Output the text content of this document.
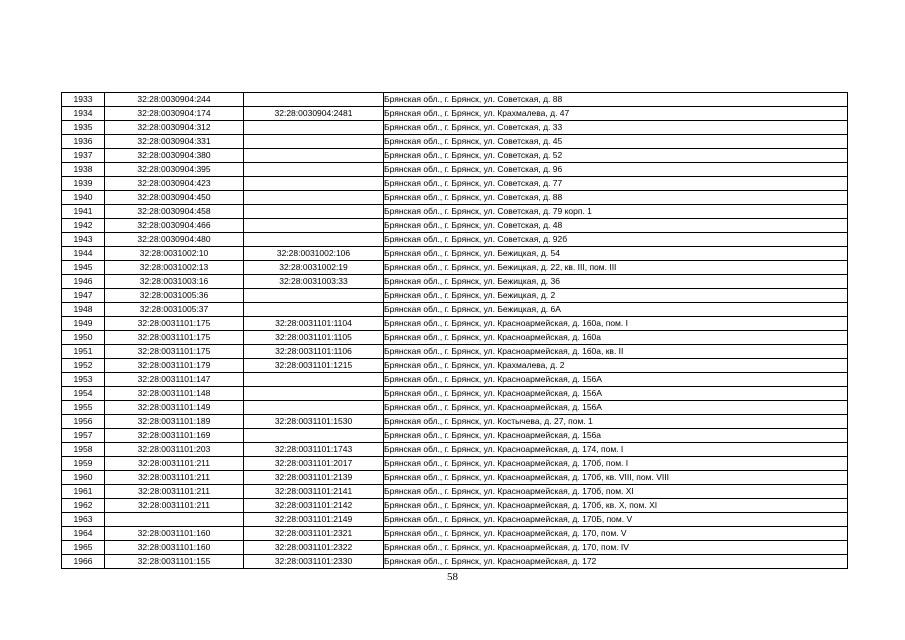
1933	32:28:0030904:244		Брянская обл., г. Брянск, ул. Советская, д. 88
1934	32:28:0030904:174	32:28:0030904:2481	Брянская обл., г. Брянск, ул. Крахмалева, д. 47
1935	32:28:0030904:312		Брянская обл., г. Брянск, ул. Советская, д. 33
1936	32:28:0030904:331		Брянская обл., г. Брянск, ул. Советская, д. 45
1937	32:28:0030904:380		Брянская обл., г. Брянск, ул. Советская, д. 52
1938	32:28:0030904:395		Брянская обл., г. Брянск, ул. Советская, д. 96
1939	32:28:0030904:423		Брянская обл., г. Брянск, ул. Советская, д. 77
1940	32:28:0030904:450		Брянская обл., г. Брянск, ул. Советская, д. 88
1941	32:28:0030904:458		Брянская обл., г. Брянск, ул. Советская, д. 79 корп. 1
1942	32:28:0030904:466		Брянская обл., г. Брянск, ул. Советская, д. 48
1943	32:28:0030904:480		Брянская обл., г. Брянск, ул. Советская, д. 92б
1944	32:28:0031002:10	32:28:0031002:106	Брянская обл., г. Брянск, ул. Бежицкая, д. 54
1945	32:28:0031002:13	32:28:0031002:19	Брянская обл., г. Брянск, ул. Бежицкая, д. 22, кв. III, пом. III
1946	32:28:0031003:16	32:28:0031003:33	Брянская обл., г. Брянск, ул. Бежицкая, д. 36
1947	32:28:0031005:36		Брянская обл., г. Брянск, ул. Бежицкая, д. 2
1948	32:28:0031005:37		Брянская обл., г. Брянск, ул. Бежицкая, д. 6А
1949	32:28:0031101:175	32:28:0031101:1104	Брянская обл., г. Брянск, ул. Красноармейская, д. 160а, пом. I
1950	32:28:0031101:175	32:28:0031101:1105	Брянская обл., г. Брянск, ул. Красноармейская, д. 160а
1951	32:28:0031101:175	32:28:0031101:1106	Брянская обл., г. Брянск, ул. Красноармейская, д. 160а, кв. II
1952	32:28:0031101:179	32:28:0031101:1215	Брянская обл., г. Брянск, ул. Крахмалева, д. 2
1953	32:28:0031101:147		Брянская обл., г. Брянск, ул. Красноармейская, д. 156А
1954	32:28:0031101:148		Брянская обл., г. Брянск, ул. Красноармейская, д. 156А
1955	32:28:0031101:149		Брянская обл., г. Брянск, ул. Красноармейская, д. 156А
1956	32:28:0031101:189	32:28:0031101:1530	Брянская обл., г. Брянск, ул. Костычева, д. 27, пом. 1
1957	32:28:0031101:169		Брянская обл., г. Брянск, ул. Красноармейская, д. 156а
1958	32:28:0031101:203	32:28:0031101:1743	Брянская обл., г. Брянск, ул. Красноармейская, д. 174, пом. I
1959	32:28:0031101:211	32:28:0031101:2017	Брянская обл., г. Брянск, ул. Красноармейская, д. 170б, пом. I
1960	32:28:0031101:211	32:28:0031101:2139	Брянская обл., г. Брянск, ул. Красноармейская, д. 170б, кв. VIII, пом. VIII
1961	32:28:0031101:211	32:28:0031101:2141	Брянская обл., г. Брянск, ул. Красноармейская, д. 170б, пом. XI
1962	32:28:0031101:211	32:28:0031101:2142	Брянская обл., г. Брянск, ул. Красноармейская, д. 170б, кв. X, пом. XI
1963		32:28:0031101:2149	Брянская обл., г. Брянск, ул. Красноармейская, д. 170Б, пом. V
1964	32:28:0031101:160	32:28:0031101:2321	Брянская обл., г. Брянск, ул. Красноармейская, д. 170, пом. V
1965	32:28:0031101:160	32:28:0031101:2322	Брянская обл., г. Брянск, ул. Красноармейская, д. 170, пом. IV
1966	32:28:0031101:155	32:28:0031101:2330	Брянская обл., г. Брянск, ул. Красноармейская, д. 172
58
